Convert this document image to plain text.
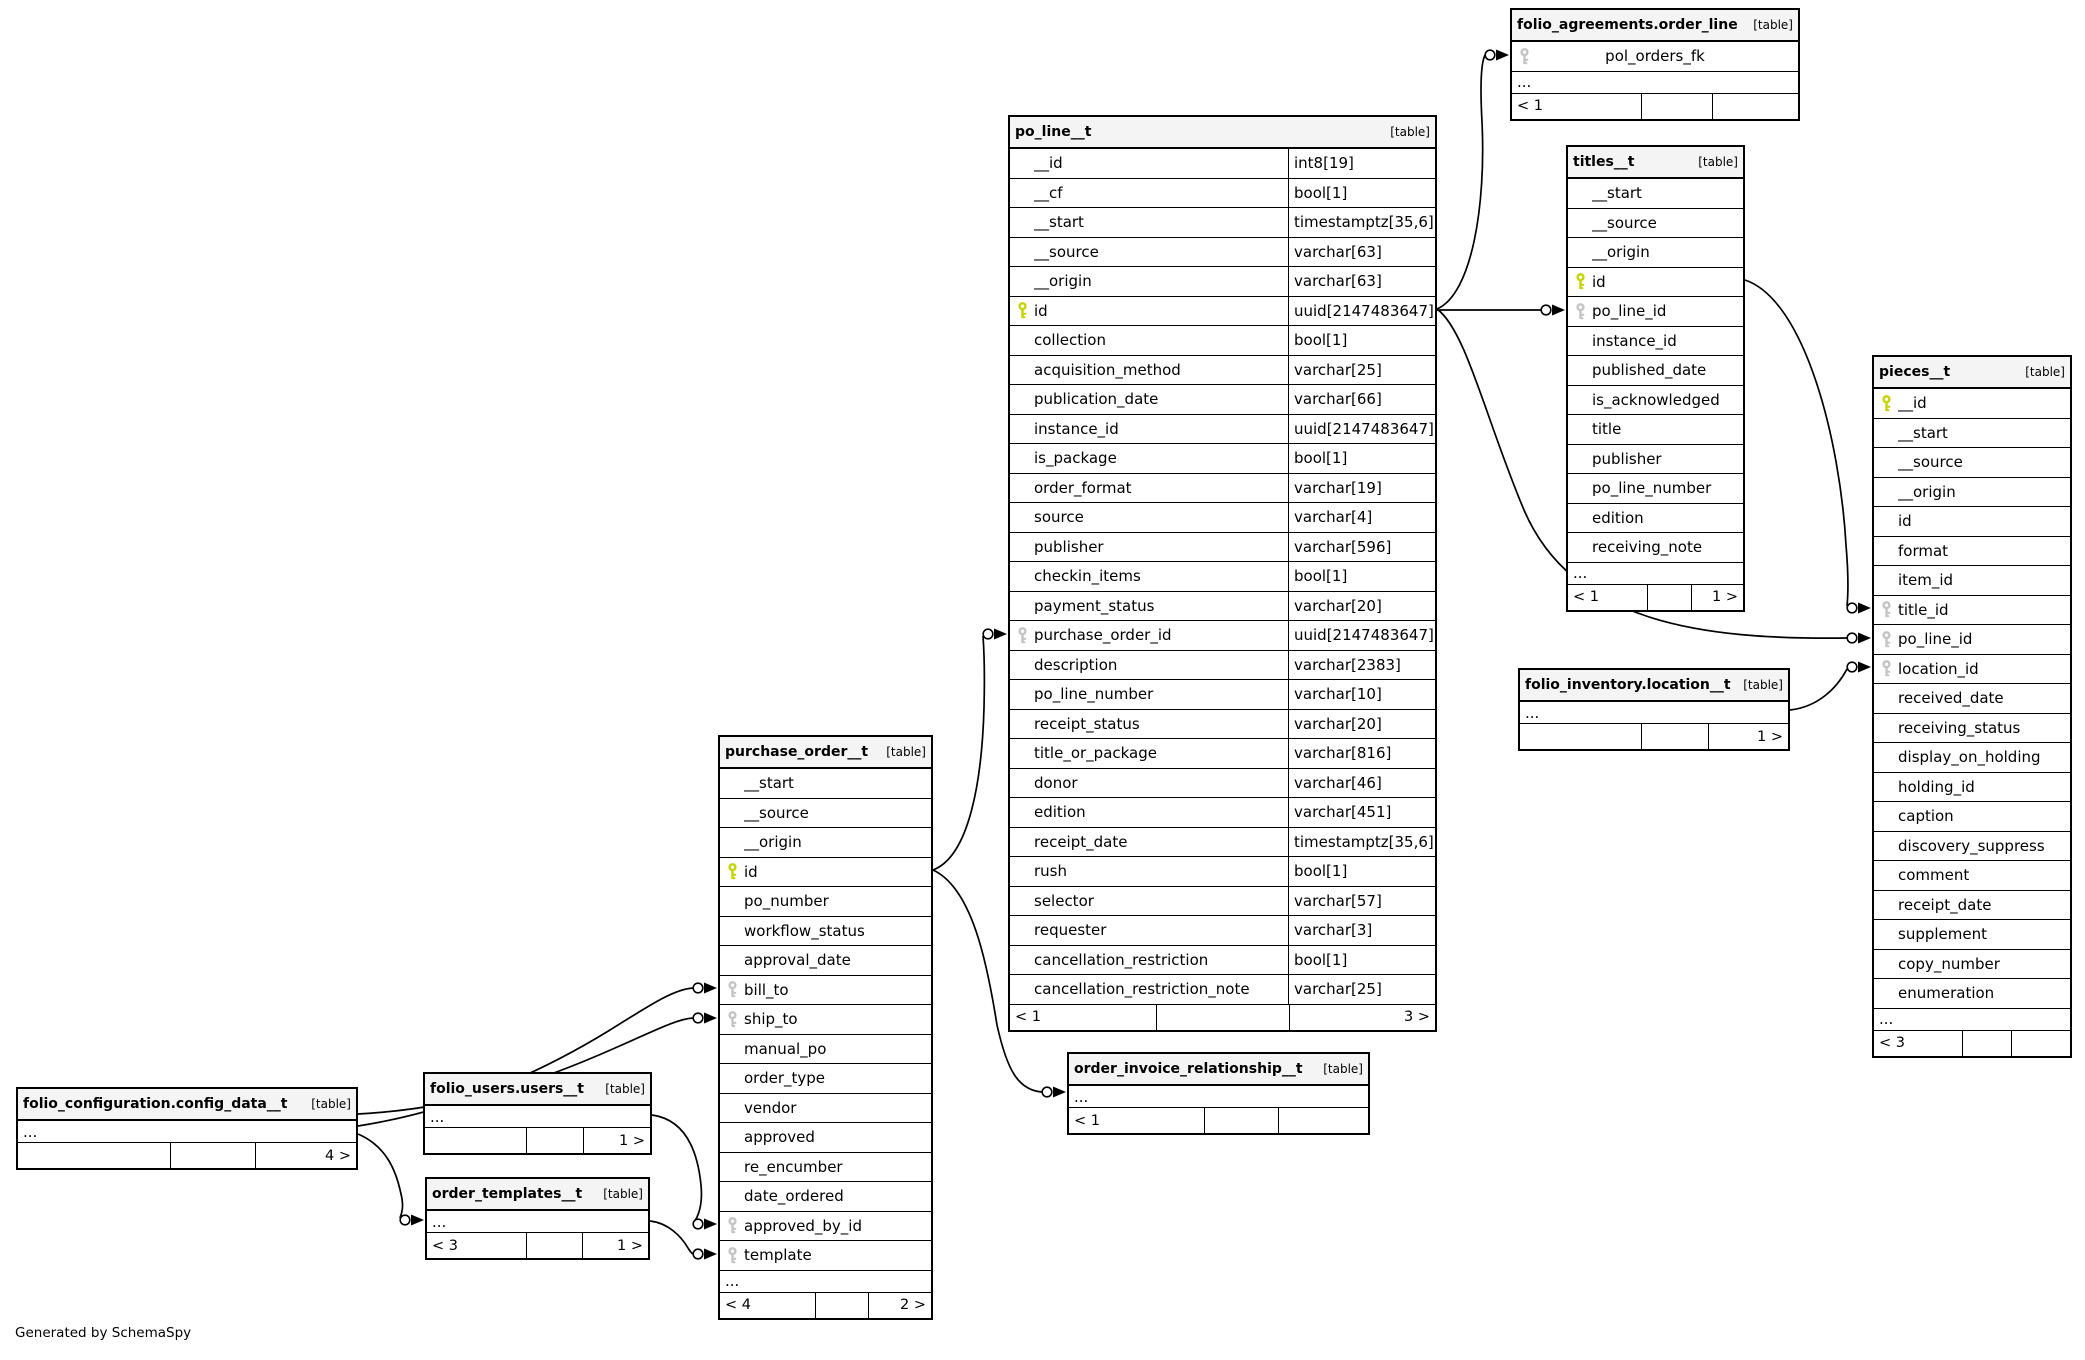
folio_agreements.order_line [table]
pol_orders_fk
...
< 1
po_line__t	[table]
__id	int8[19]
__cf	bool[1]
__start	timestamptz[35,6]
__source	varchar[63]
__origin	varchar[63]
id	uuid[2147483647]
collection	bool[1]
acquisition_method	varchar[25]
publication_date	varchar[66]
instance_id	uuid[2147483647]
is_package	bool[1]
order_format	varchar[19]
source	varchar[4]
publisher	varchar[596]
checkin_items	bool[1]
payment_status	varchar[20]
purchase_order_id	uuid[2147483647]
description	varchar[2383]
po_line_number	varchar[10]
receipt_status	varchar[20]
title_or_package	varchar[816]
donor	varchar[46]
edition	varchar[451]
receipt_date	timestamptz[35,6]
rush	bool[1]
selector	varchar[57]
requester	varchar[3]
cancellation_restriction	bool[1]
cancellation_restriction_note	varchar[25]
< 1	3 >
titles__t	[table]
__start
__source
__origin
id
po_line_id
instance_id
published_date
is_acknowledged
title
publisher
po_line_number
edition
receiving_note
...
< 1	1 >
pieces__t	[table]
__id
__start
__source
__origin
id
format
item_id
title_id
po_line_id
location_id
received_date
receiving_status
display_on_holding
holding_id
caption
discovery_suppress
comment
receipt_date
supplement
copy_number
enumeration
...
< 3
folio_inventory.location__t [table]
...
1 >
purchase_order__t [table]
__start
__source
__origin
id
po_number
workflow_status
approval_date
bill_to
ship_to
manual_po
order_type
vendor
approved
re_encumber
date_ordered
approved_by_id
template
...
< 4	2 >
order_invoice_relationship__t [table]
...
< 1
folio_configuration.config_data__t [table]
...
4 >
folio_users.users__t [table]
...
1 >
order_templates__t [table]
...
< 3	1 >
Generated by SchemaSpy
